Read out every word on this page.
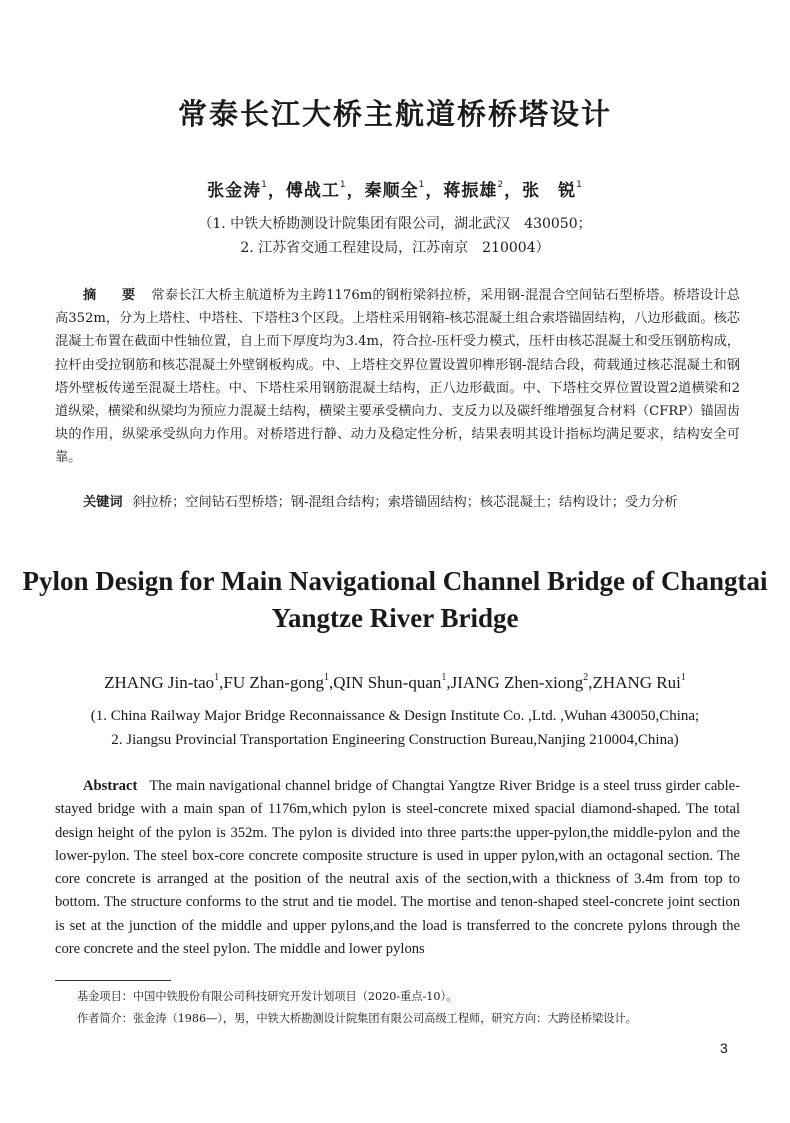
常泰长江大桥主航道桥桥塔设计
张金涛$^1$，傅战工$^1$，秦顺全$^1$，蒋振雄$^2$，张　锐$^1$
（1. 中铁大桥勘测设计院集团有限公司，湖北武汉　430050；
2. 江苏省交通工程建设局，江苏南京　210004）
摘　要 常泰长江大桥主航道桥为主跨1176m的钢桁梁斜拉桥，采用钢-混混合空间钻石型桥塔。桥塔设计总高352m，分为上塔柱、中塔柱、下塔柱3个区段。上塔柱采用钢箱-核芯混凝土组合索塔锚固结构，八边形截面。核芯混凝土布置在截面中性轴位置，自上而下厚度均为3.4m，符合拉-压杆受力模式，压杆由核芯混凝土和受压钢筋构成，拉杆由受拉钢筋和核芯混凝土外壁钢板构成。中、上塔柱交界位置设置卯榫形钢-混结合段，荷载通过核芯混凝土和钢塔外壁板传递至混凝土塔柱。中、下塔柱采用钢筋混凝土结构，正八边形截面。中、下塔柱交界位置设置2道横梁和2道纵梁，横梁和纵梁均为预应力混凝土结构，横梁主要承受横向力、支反力以及碳纤维增强复合材料（CFRP）锚固齿块的作用，纵梁承受纵向力作用。对桥塔进行静、动力及稳定性分析，结果表明其设计指标均满足要求，结构安全可靠。
关键词 斜拉桥；空间钻石型桥塔；钢-混组合结构；索塔锚固结构；核芯混凝土；结构设计；受力分析
Pylon Design for Main Navigational Channel Bridge of Changtai Yangtze River Bridge
ZHANG Jin-tao$^1$,FU Zhan-gong$^1$,QIN Shun-quan$^1$,JIANG Zhen-xiong$^2$,ZHANG Rui$^1$
(1. China Railway Major Bridge Reconnaissance & Design Institute Co. ,Ltd. ,Wuhan 430050,China;
2. Jiangsu Provincial Transportation Engineering Construction Bureau,Nanjing 210004,China)
Abstract The main navigational channel bridge of Changtai Yangtze River Bridge is a steel truss girder cable-stayed bridge with a main span of 1176m,which pylon is steel-concrete mixed spacial diamond-shaped. The total design height of the pylon is 352m. The pylon is divided into three parts:the upper-pylon,the middle-pylon and the lower-pylon. The steel box-core concrete composite structure is used in upper pylon,with an octagonal section. The core concrete is arranged at the position of the neutral axis of the section,with a thickness of 3.4m from top to bottom. The structure conforms to the strut and tie model. The mortise and tenon-shaped steel-concrete joint section is set at the junction of the middle and upper pylons,and the load is transferred to the concrete pylons through the core concrete and the steel pylon. The middle and lower pylons
基金项目：中国中铁股份有限公司科技研究开发计划项目（2020-重点-10）。
作者简介：张金涛（1986—），男，中铁大桥勘测设计院集团有限公司高级工程师，研究方向：大跨径桥梁设计。
3
